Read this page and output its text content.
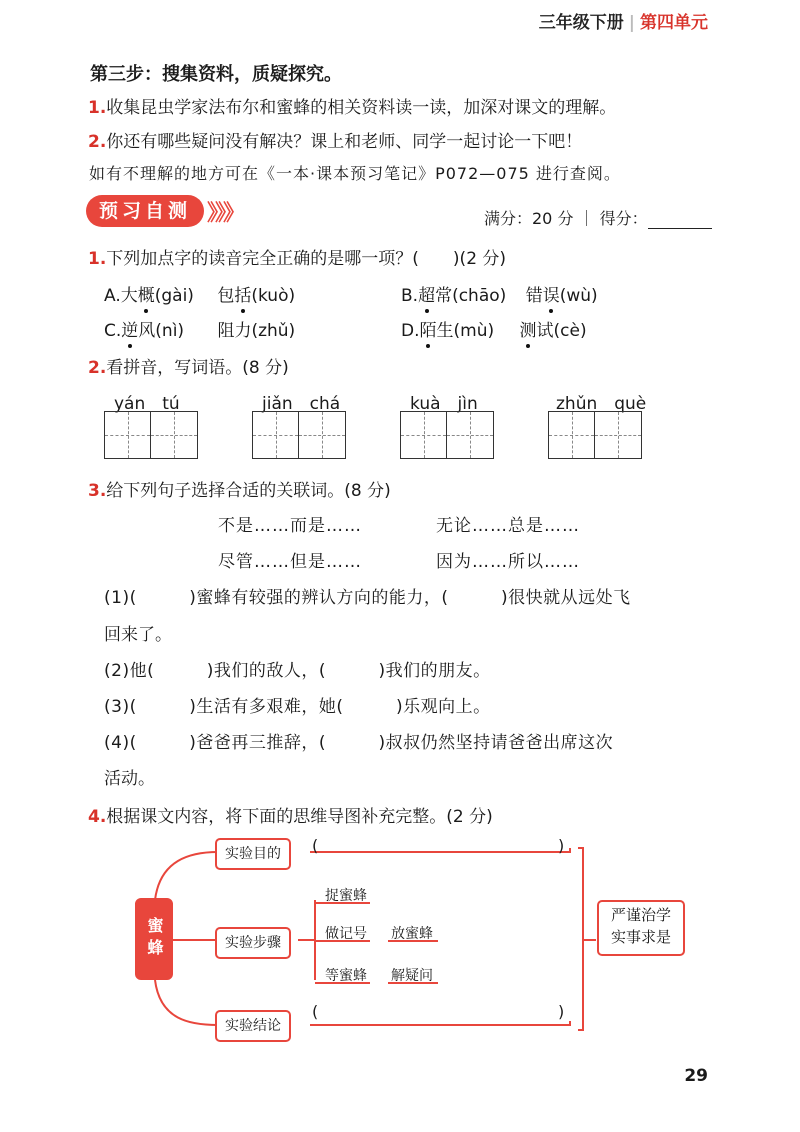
三年级下册 | 第四单元
第三步：搜集资料，质疑探究。
1.收集昆虫学家法布尔和蜜蜂的相关资料读一读，加深对课文的理解。
2.你还有哪些疑问没有解决？课上和老师、同学一起讨论一下吧！
如有不理解的地方可在《一本·课本预习笔记》P072—075 进行查阅。
预习自测 》》》	满分：20 分 ｜ 得分：
1.下列加点字的读音完全正确的是哪一项？(　　)(2 分)
A.大概(gài) 包括(kuò)	B.超常(chāo) 错误(wù)
C.逆风(nì) 阻力(zhǔ)	D.陌生(mù) 测试(cè)
2.看拼音，写词语。(8 分)
yán　tú	jiǎn　chá	kuà　jìn	zhǔn　què
3.给下列句子选择合适的关联词。(8 分)
不是……而是……	无论……总是……
尽管……但是……	因为……所以……
(1)(　　　)蜜蜂有较强的辨认方向的能力，(　　　)很快就从远处飞
回来了。
(2)他(　　　)我们的敌人，(　　　)我们的朋友。
(3)(　　　)生活有多艰难，她(　　　)乐观向上。
(4)(　　　)爸爸再三推辞，(　　　)叔叔仍然坚持请爸爸出席这次
活动。
4.根据课文内容，将下面的思维导图补充完整。(2 分)
蜜蜂
实验目的
实验步骤
实验结论
(	)
(	)
捉蜜蜂
做记号 放蜜蜂
等蜜蜂 解疑问
严谨治学
实事求是
29
